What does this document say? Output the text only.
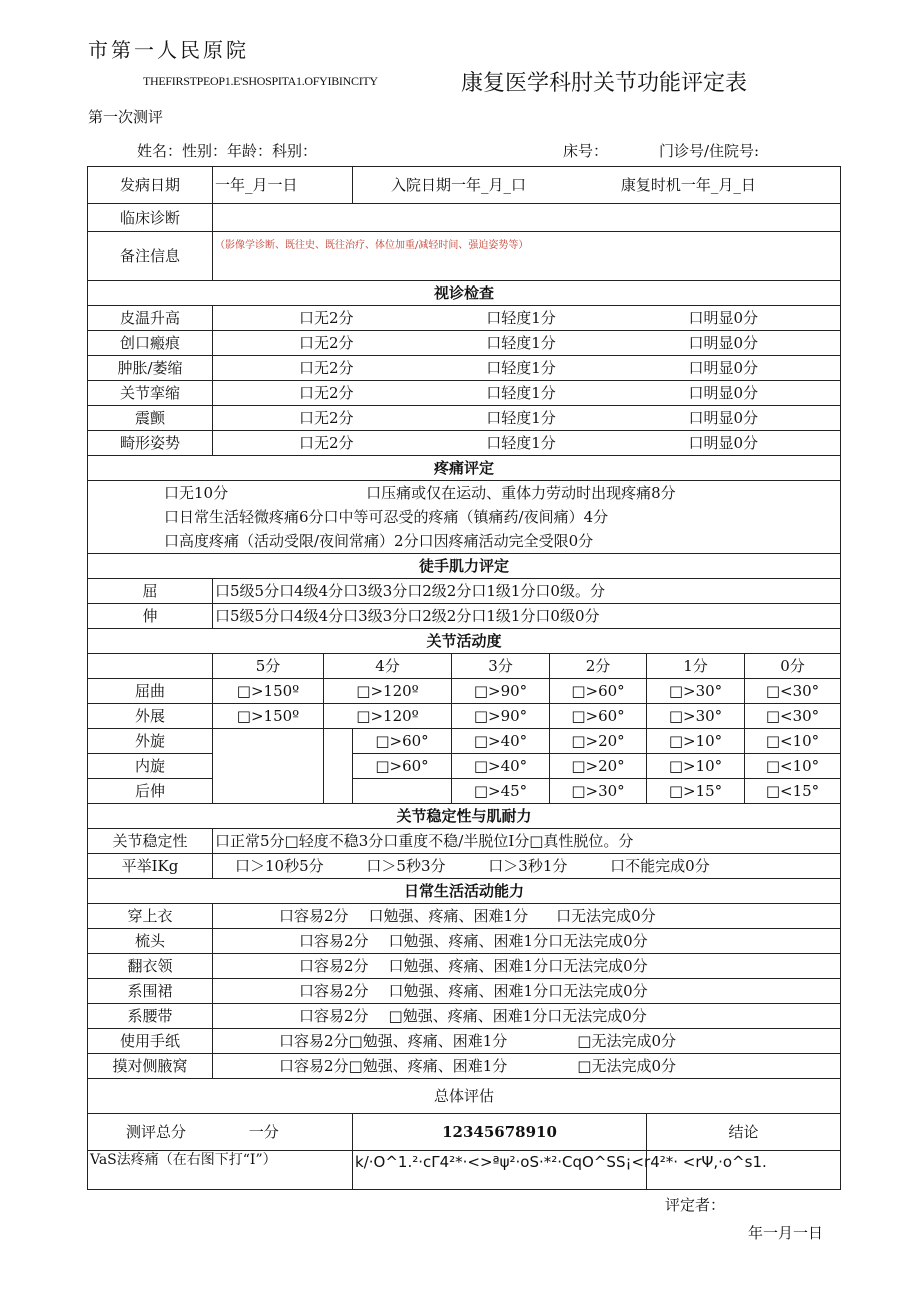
市第一人民原院
THEFIRSTPEOP1.E'SHOSPITA1.OFYIBINCITY	康复医学科肘关节功能评定表
第一次测评
姓名：性别：年龄：科别：	床号：	门诊号/住院号:
发病日期	一年_月一日		入院日期一年_月_口 康复时机一年_月_日				
临床诊断							
备注信息	（影像学诊断、既往史、既往治疗、体位加重/减轻时间、强迫姿势等）						
视诊检查							
皮温升高	口无2分 口轻度1分 口明显0分						

创口瘢痕	口无2分 口轻度1分 口明显0分						

肿胀/萎缩	口无2分 口轻度1分 口明显0分						

关节挛缩	口无2分 口轻度1分 口明显0分						

震颤	口无2分 口轻度1分 口明显0分						

畸形姿势	口无2分 口轻度1分 口明显0分						

疼痛评定							

口无10分 口压痛或仅在运动、重体力劳动时出现疼痛8分
口日常生活轻微疼痛6分口中等可忍受的疼痛（镇痛药/夜间痛）4分
口高度疼痛（活动受限/夜间常痛）2分口因疼痛活动完全受限0分							

徒手肌力评定							
屈	口5级5分口4级4分口3级3分口2级2分口1级1分口0级。分						
伸	口5级5分口4级4分口3级3分口2级2分口1级1分口0级0分						
关节活动度							
	5分	4分		3分	2分	1分	0分
屈曲	□>150º	□>120º		□>90°	□>60°	□>30°	□<30°
外展	□>150º	□>120º		□>90°	□>60°	□>30°	□<30°
外旋			□>60°	□>40°	□>20°	□>10°	□<10°
内旋			□>60°	□>40°	□>20°	□>10°	□<10°
后伸				□>45°	□>30°	□>15°	□<15°
关节稳定性与肌耐力							
关节稳定性	口正常5分□轻度不稳3分口重度不稳/半脱位I分□真性脱位。分						
平举IKg	口＞10秒5分 口＞5秒3分 口＞3秒1分 口不能完成0分						
日常生活活动能力							
穿上衣	口容易2分 口勉强、疼痛、困难1分 口无法完成0分						
梳头	口容易2分 口勉强、疼痛、困难1分口无法完成0分						
翻衣领	口容易2分 口勉强、疼痛、困难1分口无法完成0分						
系围裙	口容易2分 口勉强、疼痛、困难1分口无法完成0分						
系腰带	口容易2分 □勉强、疼痛、困难1分口无法完成0分						
使用手纸	口容易2分□勉强、疼痛、困难1分 □无法完成0分						
摸对侧腋窝	口容易2分□勉强、疼痛、困难1分 □无法完成0分						
总体评估							
测评总分 一分			12345678910			结论	
VaS法疼痛（在右图下打“I”）			k/·O^1.²·cΓ4²*·<>ªψ²·oS·*²·CqO^SS¡<r4²*· <rΨ,·o^s1.				
评定者：
年一月一日
